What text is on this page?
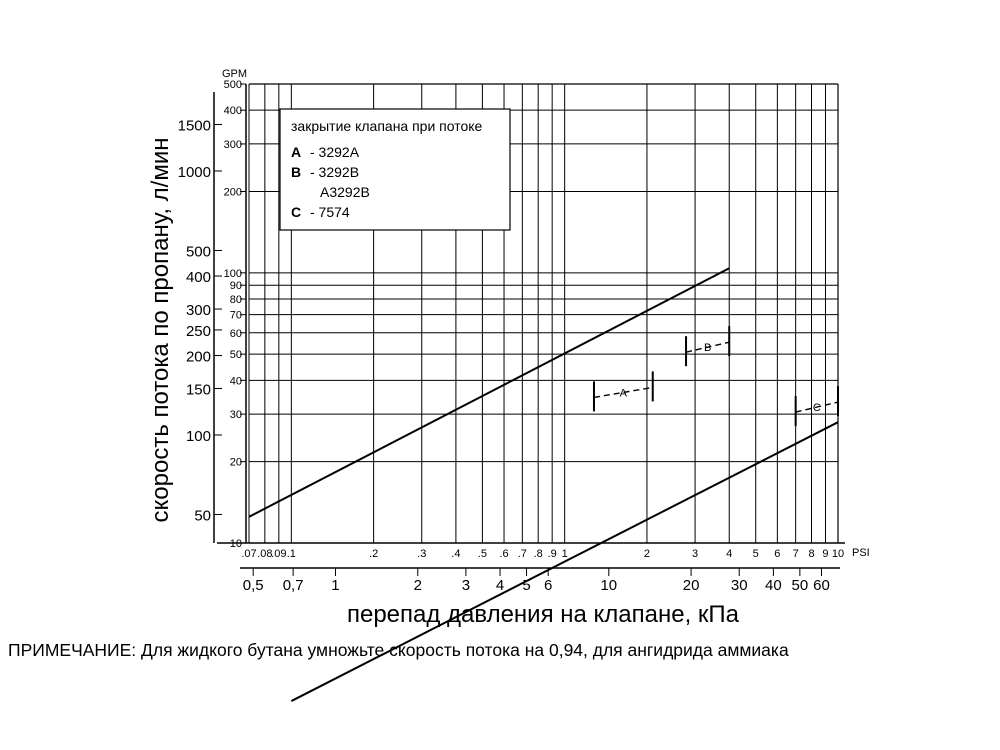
A
B
C
10
20
30
40
50
60
70
80
90
100
200
300
400
500
50
100
150
200
250
300
400
500
1000
1500
.07 .08
.09 .1	.2	.3 .4 .5 .6 .7 .8 .9 1	2	3	4 5 6 7 8 9 10
0,5 0,7 1	2	3 4 5 6	10	20 30 40 50 60
закрытие клапана при потоке
A - 3292A
B - 3292B
A3292B
C - 7574
GPM
PSI
скорость потока по пропану, л/мин
перепад давления на клапане, кПа
ПРИМЕЧАНИЕ: Для жидкого бутана умножьте скорость потока на 0,94, для ангидрида аммиака
